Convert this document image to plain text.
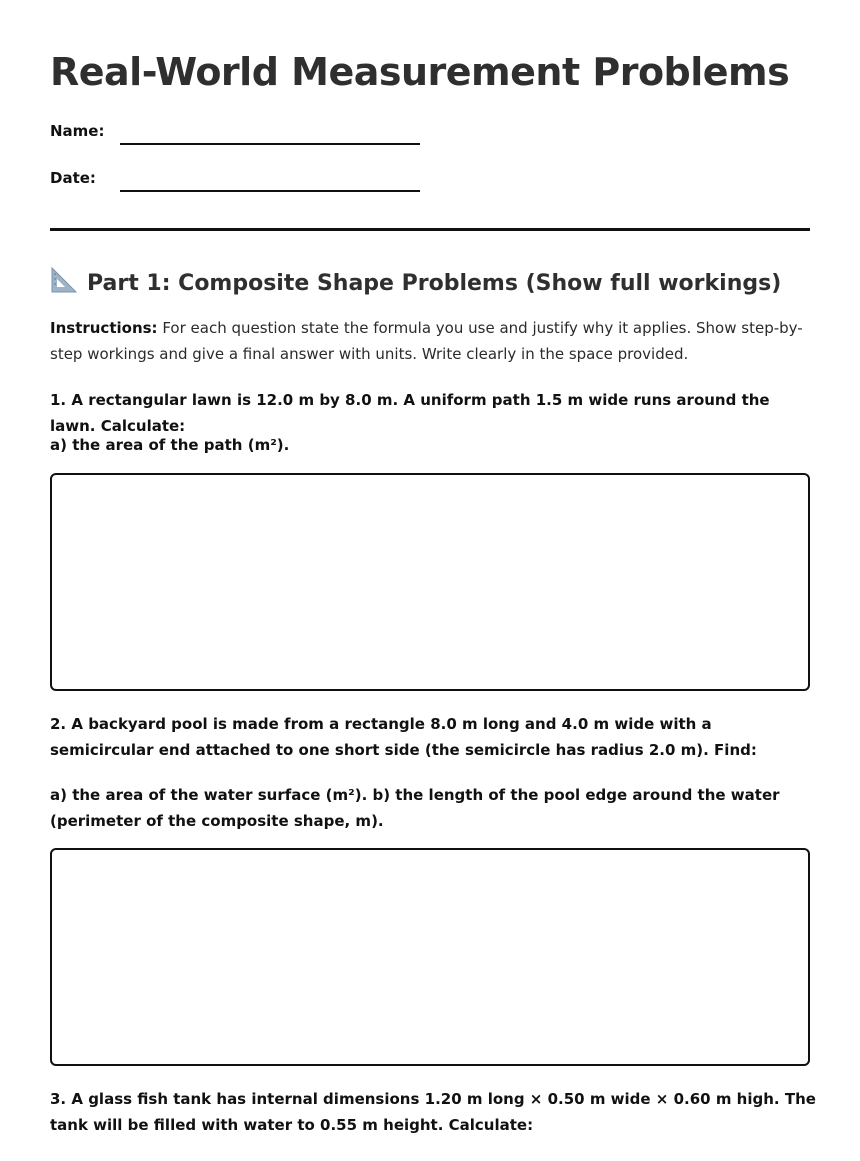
Real-World Measurement Problems
Name:
Date:
Part 1: Composite Shape Problems (Show full workings)
Instructions: For each question state the formula you use and justify why it applies. Show step-by-step workings and give a final answer with units. Write clearly in the space provided.
1. A rectangular lawn is 12.0 m by 8.0 m. A uniform path 1.5 m wide runs around the lawn. Calculate:
a) the area of the path (m²).
2. A backyard pool is made from a rectangle 8.0 m long and 4.0 m wide with a semicircular end attached to one short side (the semicircle has radius 2.0 m). Find:
a) the area of the water surface (m²). b) the length of the pool edge around the water (perimeter of the composite shape, m).
3. A glass fish tank has internal dimensions 1.20 m long × 0.50 m wide × 0.60 m high. The tank will be filled with water to 0.55 m height. Calculate:
